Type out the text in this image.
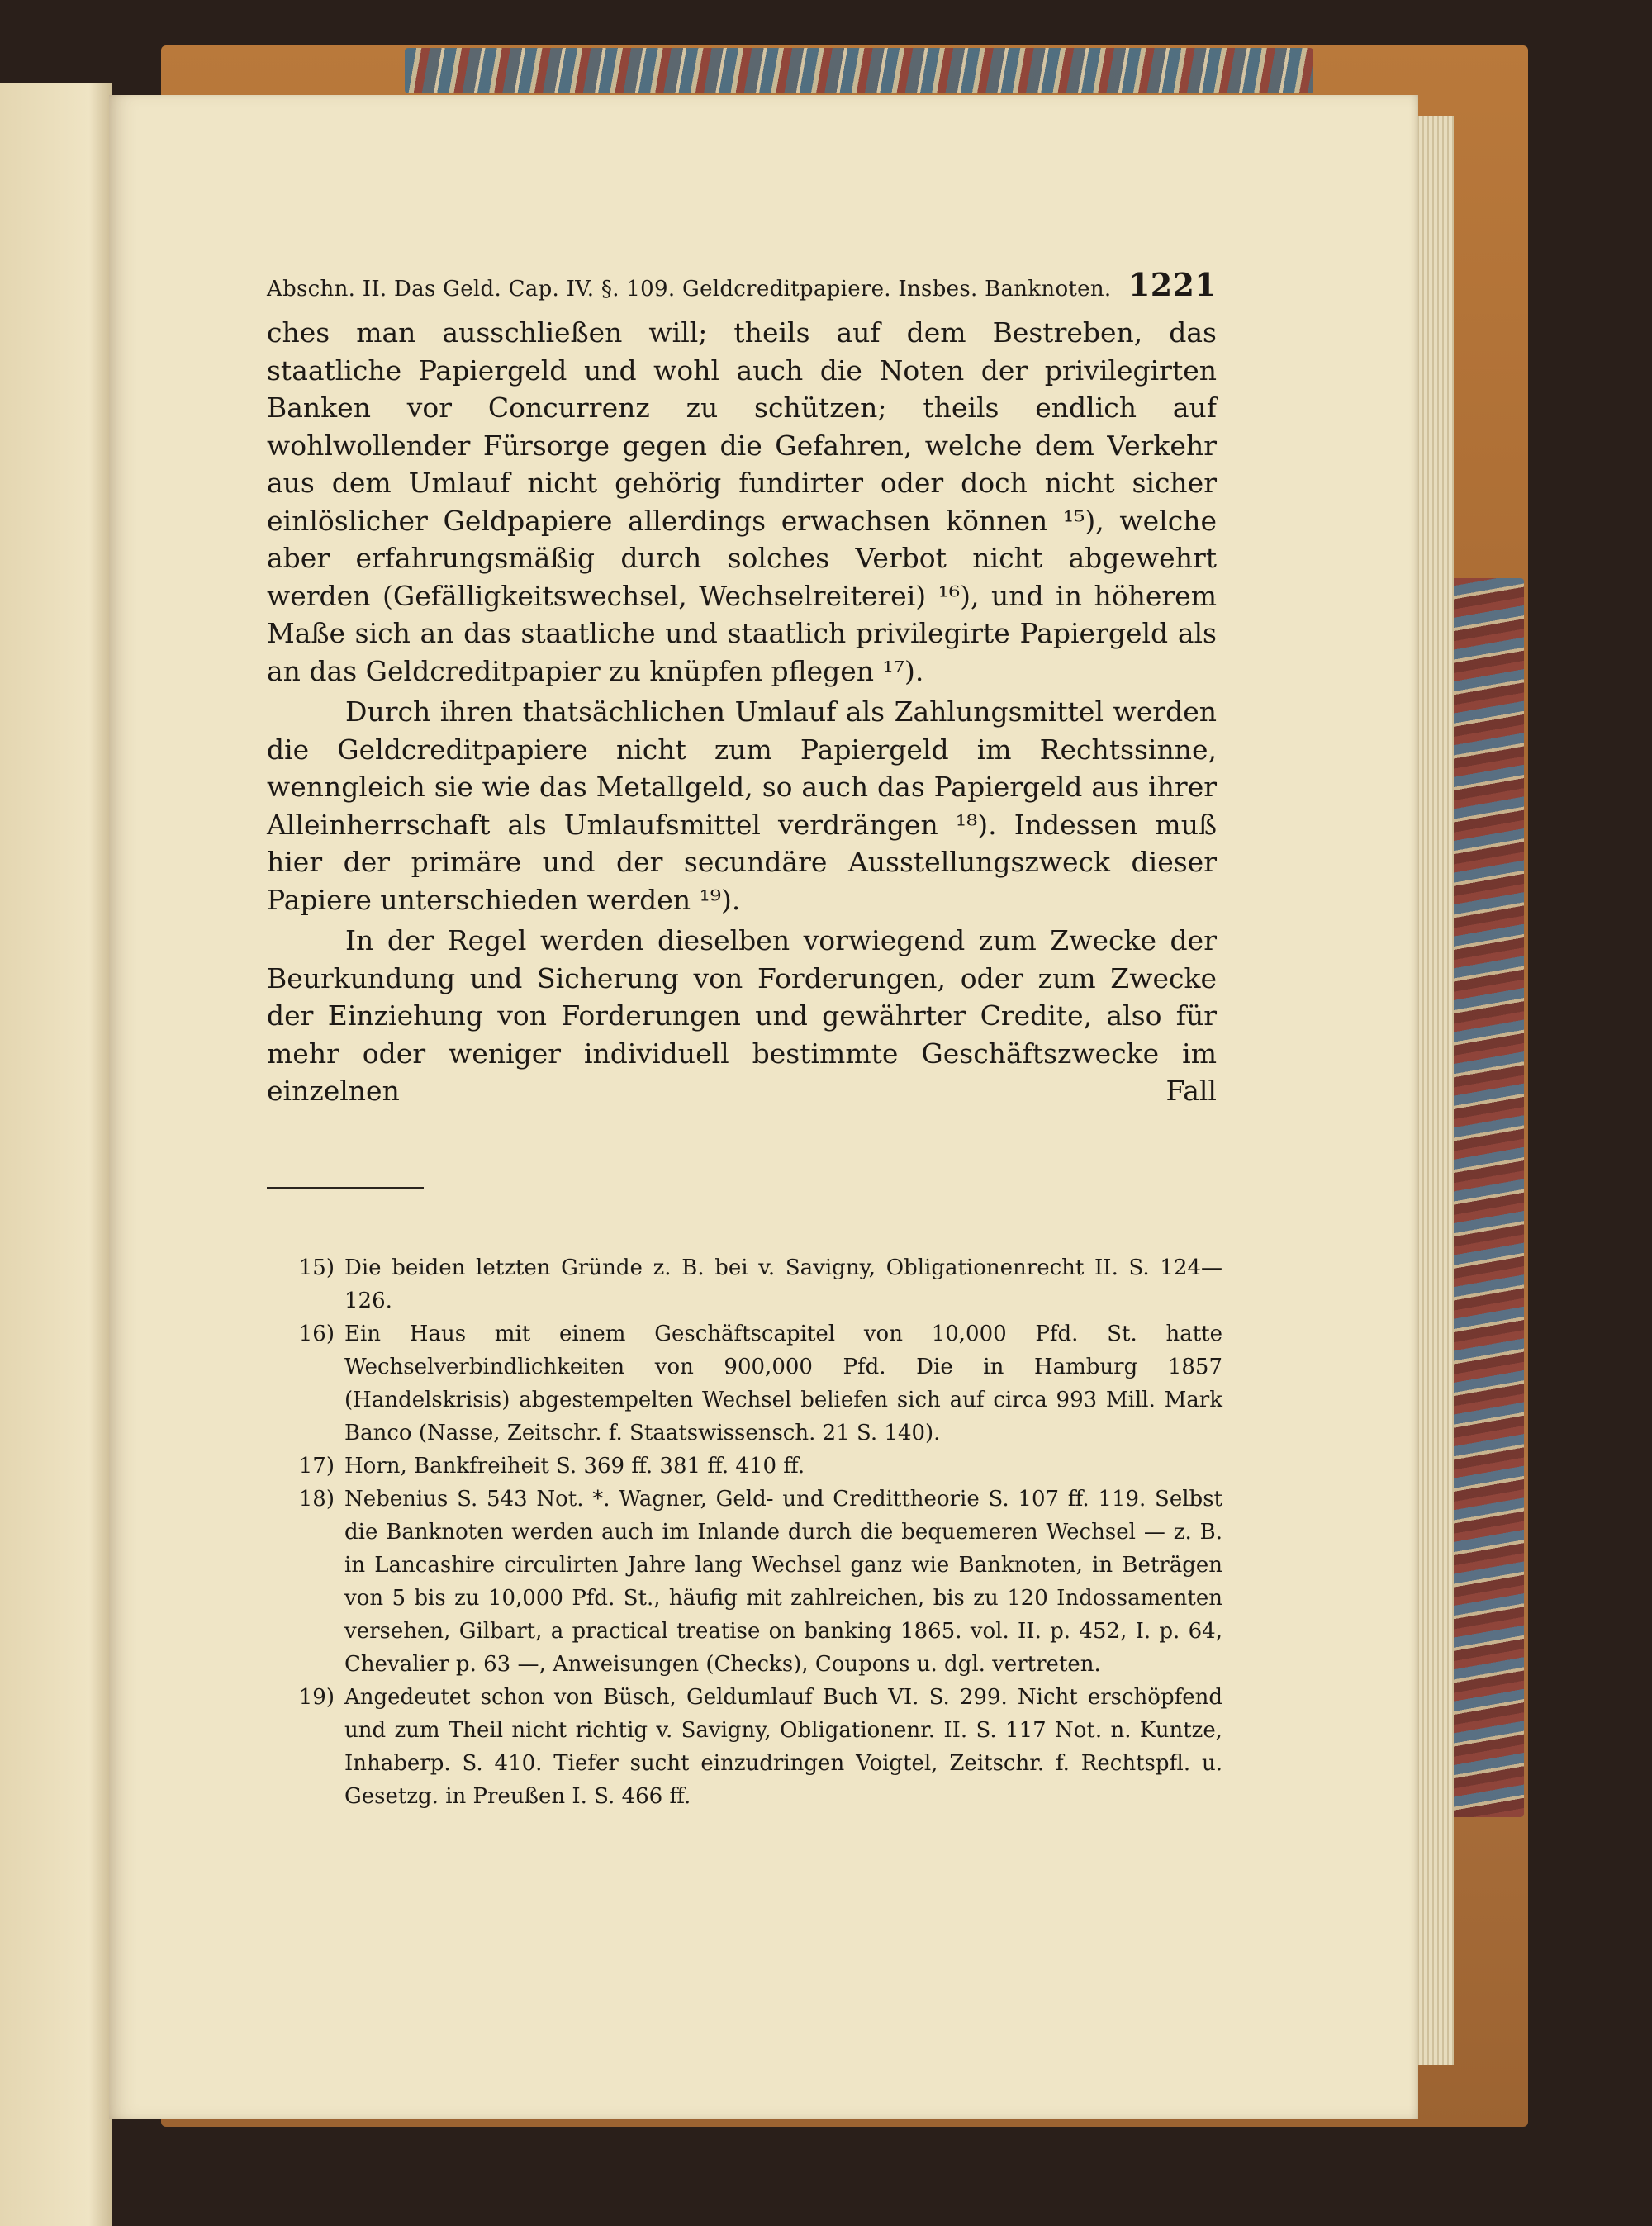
Abschn. II. Das Geld. Cap. IV. §. 109. Geldcreditpapiere. Insbes. Banknoten. 1221

ches man ausschließen will; theils auf dem Bestreben, das staatliche Papiergeld und wohl auch die Noten der privilegirten Banken vor Concurrenz zu schützen; theils endlich auf wohlwollender Fürsorge gegen die Gefahren, welche dem Verkehr aus dem Umlauf nicht gehörig fundirter oder doch nicht sicher einlöslicher Geldpapiere allerdings erwachsen können ¹⁵), welche aber erfahrungsmäßig durch solches Verbot nicht abgewehrt werden (Gefälligkeitswechsel, Wechselreiterei) ¹⁶), und in höherem Maße sich an das staatliche und staatlich privilegirte Papiergeld als an das Geldcreditpapier zu knüpfen pflegen ¹⁷).

Durch ihren thatsächlichen Umlauf als Zahlungsmittel werden die Geldcreditpapiere nicht zum Papiergeld im Rechtssinne, wenngleich sie wie das Metallgeld, so auch das Papiergeld aus ihrer Alleinherrschaft als Umlaufsmittel verdrängen ¹⁸). Indessen muß hier der primäre und der secundäre Ausstellungszweck dieser Papiere unterschieden werden ¹⁹).

In der Regel werden dieselben vorwiegend zum Zwecke der Beurkundung und Sicherung von Forderungen, oder zum Zwecke der Einziehung von Forderungen und gewährter Credite, also für mehr oder weniger individuell bestimmte Geschäftszwecke im einzelnen Fall

15) Die beiden letzten Gründe z. B. bei v. Savigny, Obligationenrecht II. S. 124—126.
16) Ein Haus mit einem Geschäftscapitel von 10,000 Pfd. St. hatte Wechselverbindlichkeiten von 900,000 Pfd. Die in Hamburg 1857 (Handelskrisis) abgestempelten Wechsel beliefen sich auf circa 993 Mill. Mark Banco (Nasse, Zeitschr. f. Staatswissensch. 21 S. 140).
17) Horn, Bankfreiheit S. 369 ff. 381 ff. 410 ff.
18) Nebenius S. 543 Not. *. Wagner, Geld- und Credittheorie S. 107 ff. 119. Selbst die Banknoten werden auch im Inlande durch die bequemeren Wechsel — z. B. in Lancashire circulirten Jahre lang Wechsel ganz wie Banknoten, in Beträgen von 5 bis zu 10,000 Pfd. St., häufig mit zahlreichen, bis zu 120 Indossamenten versehen, Gilbart, a practical treatise on banking 1865. vol. II. p. 452, I. p. 64, Chevalier p. 63 —, Anweisungen (Checks), Coupons u. dgl. vertreten.
19) Angedeutet schon von Büsch, Geldumlauf Buch VI. S. 299. Nicht erschöpfend und zum Theil nicht richtig v. Savigny, Obligationenr. II. S. 117 Not. n. Kuntze, Inhaberp. S. 410. Tiefer sucht einzudringen Voigtel, Zeitschr. f. Rechtspfl. u. Gesetzg. in Preußen I. S. 466 ff.
